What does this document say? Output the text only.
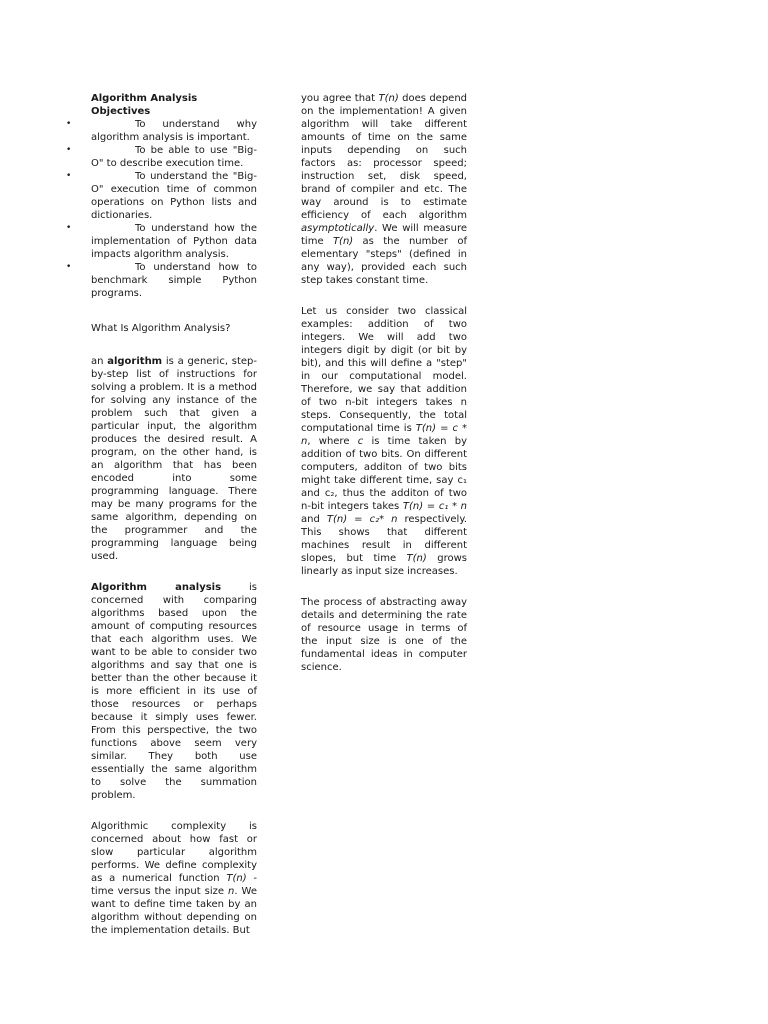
Algorithm Analysis
Objectives

•	To understand why algorithm analysis is important.
•	To be able to use "Big-O" to describe execution time.
•	To understand the "Big-O" execution time of common operations on Python lists and dictionaries.
•	To understand how the implementation of Python data impacts algorithm analysis.
•	To understand how to benchmark simple Python programs.

What Is Algorithm Analysis?

an algorithm is a generic, step-by-step list of instructions for solving a problem. It is a method for solving any instance of the problem such that given a particular input, the algorithm produces the desired result. A program, on the other hand, is an algorithm that has been encoded into some programming language. There may be many programs for the same algorithm, depending on the programmer and the programming language being used.

Algorithm analysis is concerned with comparing algorithms based upon the amount of computing resources that each algorithm uses. We want to be able to consider two algorithms and say that one is better than the other because it is more efficient in its use of those resources or perhaps because it simply uses fewer. From this perspective, the two functions above seem very similar. They both use essentially the same algorithm to solve the summation problem.

Algorithmic complexity is concerned about how fast or slow particular algorithm performs. We define complexity as a numerical function T(n) - time versus the input size n. We want to define time taken by an algorithm without depending on the implementation details. But

you agree that T(n) does depend on the implementation! A given algorithm will take different amounts of time on the same inputs depending on such factors as: processor speed; instruction set, disk speed, brand of compiler and etc. The way around is to estimate efficiency of each algorithm asymptotically. We will measure time T(n) as the number of elementary "steps" (defined in any way), provided each such step takes constant time.

Let us consider two classical examples: addition of two integers. We will add two integers digit by digit (or bit by bit), and this will define a "step" in our computational model. Therefore, we say that addition of two n-bit integers takes n steps. Consequently, the total computational time is T(n) = c * n, where c is time taken by addition of two bits. On different computers, additon of two bits might take different time, say c₁ and c₂, thus the additon of two n-bit integers takes T(n) = c₁ * n and T(n) = c₂* n respectively. This shows that different machines result in different slopes, but time T(n) grows linearly as input size increases.

The process of abstracting away details and determining the rate of resource usage in terms of the input size is one of the fundamental ideas in computer science.
